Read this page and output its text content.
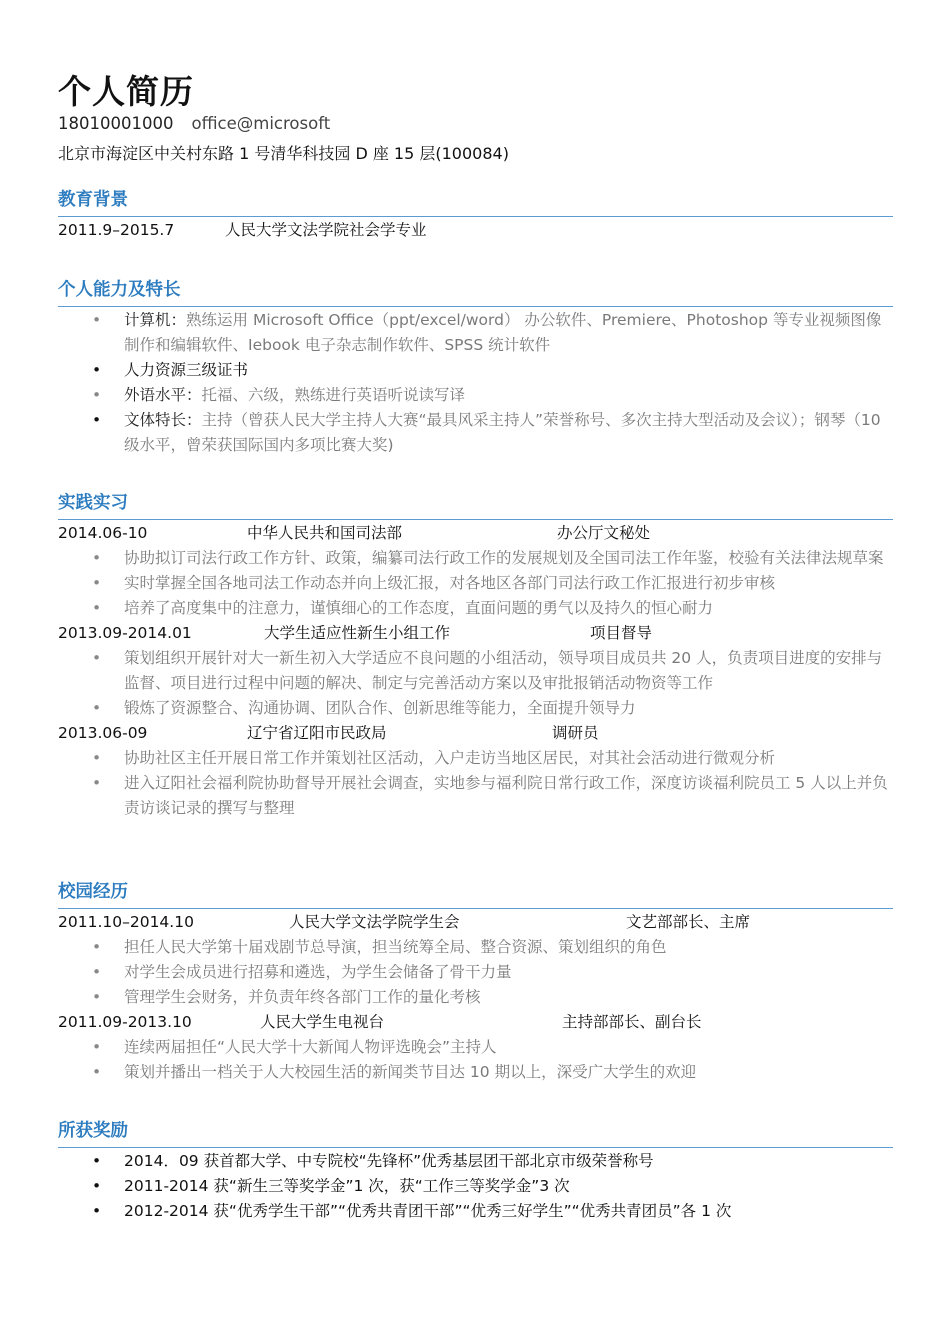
个人简历
18010001000 office@microsoft
北京市海淀区中关村东路 1 号清华科技园 D 座 15 层(100084)
教育背景
2011.9–2015.7	人民大学文法学院社会学专业
个人能力及特长
• 计算机：熟练运用 Microsoft Office（ppt/excel/word） 办公软件、Premiere、Photoshop 等专业视频图像制作和编辑软件、Iebook 电子杂志制作软件、SPSS 统计软件
• 人力资源三级证书
• 外语水平：托福、六级，熟练进行英语听说读写译
• 文体特长：主持（曾获人民大学主持人大赛“最具风采主持人”荣誉称号、多次主持大型活动及会议）；钢琴（10 级水平，曾荣获国际国内多项比赛大奖)
实践实习
2014.06-10	中华人民共和国司法部	办公厅文秘处
• 协助拟订司法行政工作方针、政策，编纂司法行政工作的发展规划及全国司法工作年鉴，校验有关法律法规草案
• 实时掌握全国各地司法工作动态并向上级汇报，对各地区各部门司法行政工作汇报进行初步审核
• 培养了高度集中的注意力，谨慎细心的工作态度，直面问题的勇气以及持久的恒心耐力
2013.09-2014.01	大学生适应性新生小组工作	项目督导
• 策划组织开展针对大一新生初入大学适应不良问题的小组活动，领导项目成员共 20 人，负责项目进度的安排与监督、项目进行过程中问题的解决、制定与完善活动方案以及审批报销活动物资等工作
• 锻炼了资源整合、沟通协调、团队合作、创新思维等能力，全面提升领导力
2013.06-09	辽宁省辽阳市民政局	调研员
• 协助社区主任开展日常工作并策划社区活动，入户走访当地区居民，对其社会活动进行微观分析
• 进入辽阳社会福利院协助督导开展社会调查，实地参与福利院日常行政工作，深度访谈福利院员工 5 人以上并负责访谈记录的撰写与整理
校园经历
2011.10–2014.10	人民大学文法学院学生会	文艺部部长、主席
• 担任人民大学第十届戏剧节总导演，担当统筹全局、整合资源、策划组织的角色
• 对学生会成员进行招募和遴选，为学生会储备了骨干力量
• 管理学生会财务，并负责年终各部门工作的量化考核
2011.09-2013.10	人民大学生电视台	主持部部长、副台长
• 连续两届担任“人民大学十大新闻人物评选晚会”主持人
• 策划并播出一档关于人大校园生活的新闻类节目达 10 期以上，深受广大学生的欢迎
所获奖励
• 2014．09 获首都大学、中专院校“先锋杯”优秀基层团干部北京市级荣誉称号
• 2011-2014 获“新生三等奖学金”1 次，获“工作三等奖学金”3 次
• 2012-2014 获“优秀学生干部”“优秀共青团干部”“优秀三好学生”“优秀共青团员”各 1 次
